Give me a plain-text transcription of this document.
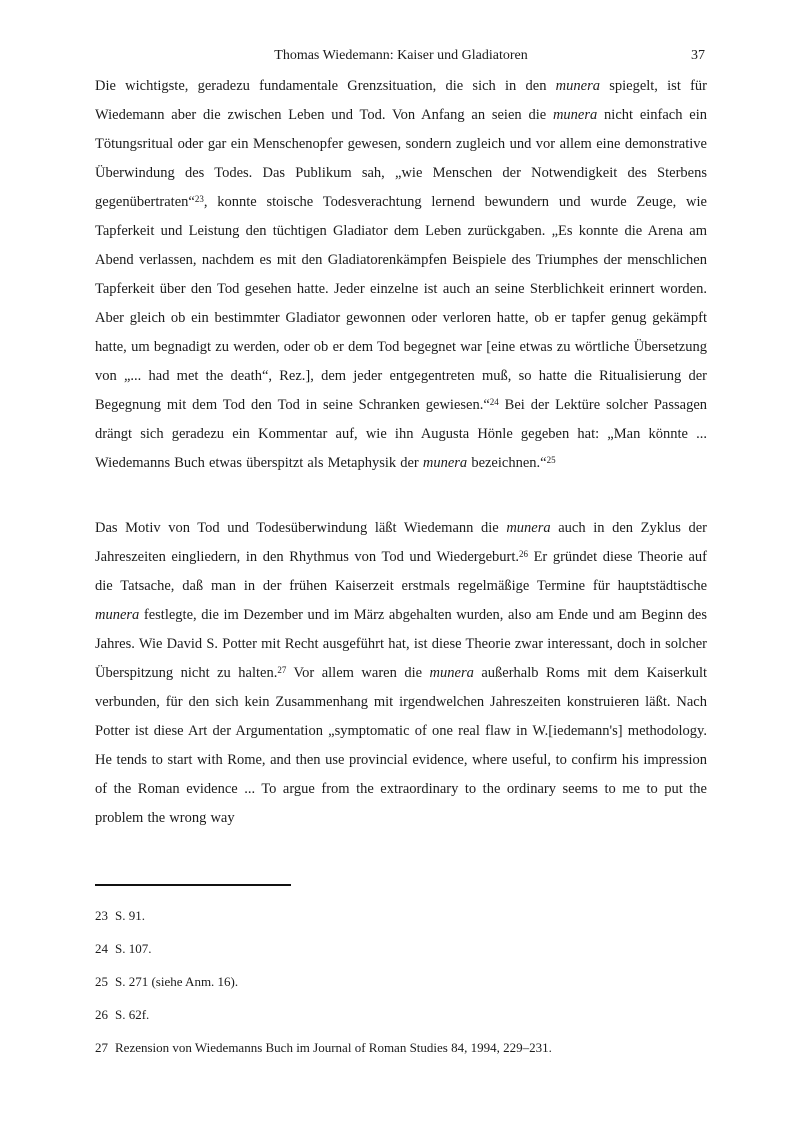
Thomas Wiedemann: Kaiser und Gladiatoren	37

Die wichtigste, geradezu fundamentale Grenzsituation, die sich in den munera spiegelt, ist für Wiedemann aber die zwischen Leben und Tod. Von Anfang an seien die munera nicht einfach ein Tötungsritual oder gar ein Menschenopfer gewesen, sondern zugleich und vor allem eine demonstrative Überwindung des Todes. Das Publikum sah, „wie Menschen der Notwendigkeit des Sterbens gegenübertraten“$^{23}$, konnte stoische Todesverachtung lernend bewundern und wurde Zeuge, wie Tapferkeit und Leistung den tüchtigen Gladiator dem Leben zurückgaben. „Es konnte die Arena am Abend verlassen, nachdem es mit den Gladiatorenkämpfen Beispiele des Triumphes der menschlichen Tapferkeit über den Tod gesehen hatte. Jeder einzelne ist auch an seine Sterblichkeit erinnert worden. Aber gleich ob ein bestimmter Gladiator gewonnen oder verloren hatte, ob er tapfer genug gekämpft hatte, um begnadigt zu werden, oder ob er dem Tod begegnet war [eine etwas zu wörtliche Übersetzung von „... had met the death“, Rez.], dem jeder entgegentreten muß, so hatte die Ritualisierung der Begegnung mit dem Tod den Tod in seine Schranken gewiesen.“$^{24}$ Bei der Lektüre solcher Passagen drängt sich geradezu ein Kommentar auf, wie ihn Augusta Hönle gegeben hat: „Man könnte ... Wiedemanns Buch etwas überspitzt als Metaphysik der munera bezeichnen.“$^{25}$

Das Motiv von Tod und Todesüberwindung läßt Wiedemann die munera auch in den Zyklus der Jahreszeiten eingliedern, in den Rhythmus von Tod und Wiedergeburt.$^{26}$ Er gründet diese Theorie auf die Tatsache, daß man in der frühen Kaiserzeit erstmals regelmäßige Termine für hauptstädtische munera festlegte, die im Dezember und im März abgehalten wurden, also am Ende und am Beginn des Jahres. Wie David S. Potter mit Recht ausgeführt hat, ist diese Theorie zwar interessant, doch in solcher Überspitzung nicht zu halten.$^{27}$ Vor allem waren die munera außerhalb Roms mit dem Kaiserkult verbunden, für den sich kein Zusammenhang mit irgendwelchen Jahreszeiten konstruieren läßt. Nach Potter ist diese Art der Argumentation „symptomatic of one real flaw in W.[iedemann's] methodology. He tends to start with Rome, and then use provincial evidence, where useful, to confirm his impression of the Roman evidence ... To argue from the extraordinary to the ordinary seems to me to put the problem the wrong way

23 S. 91.
24 S. 107.
25 S. 271 (siehe Anm. 16).
26 S. 62f.
27 Rezension von Wiedemanns Buch im Journal of Roman Studies 84, 1994, 229–231.
